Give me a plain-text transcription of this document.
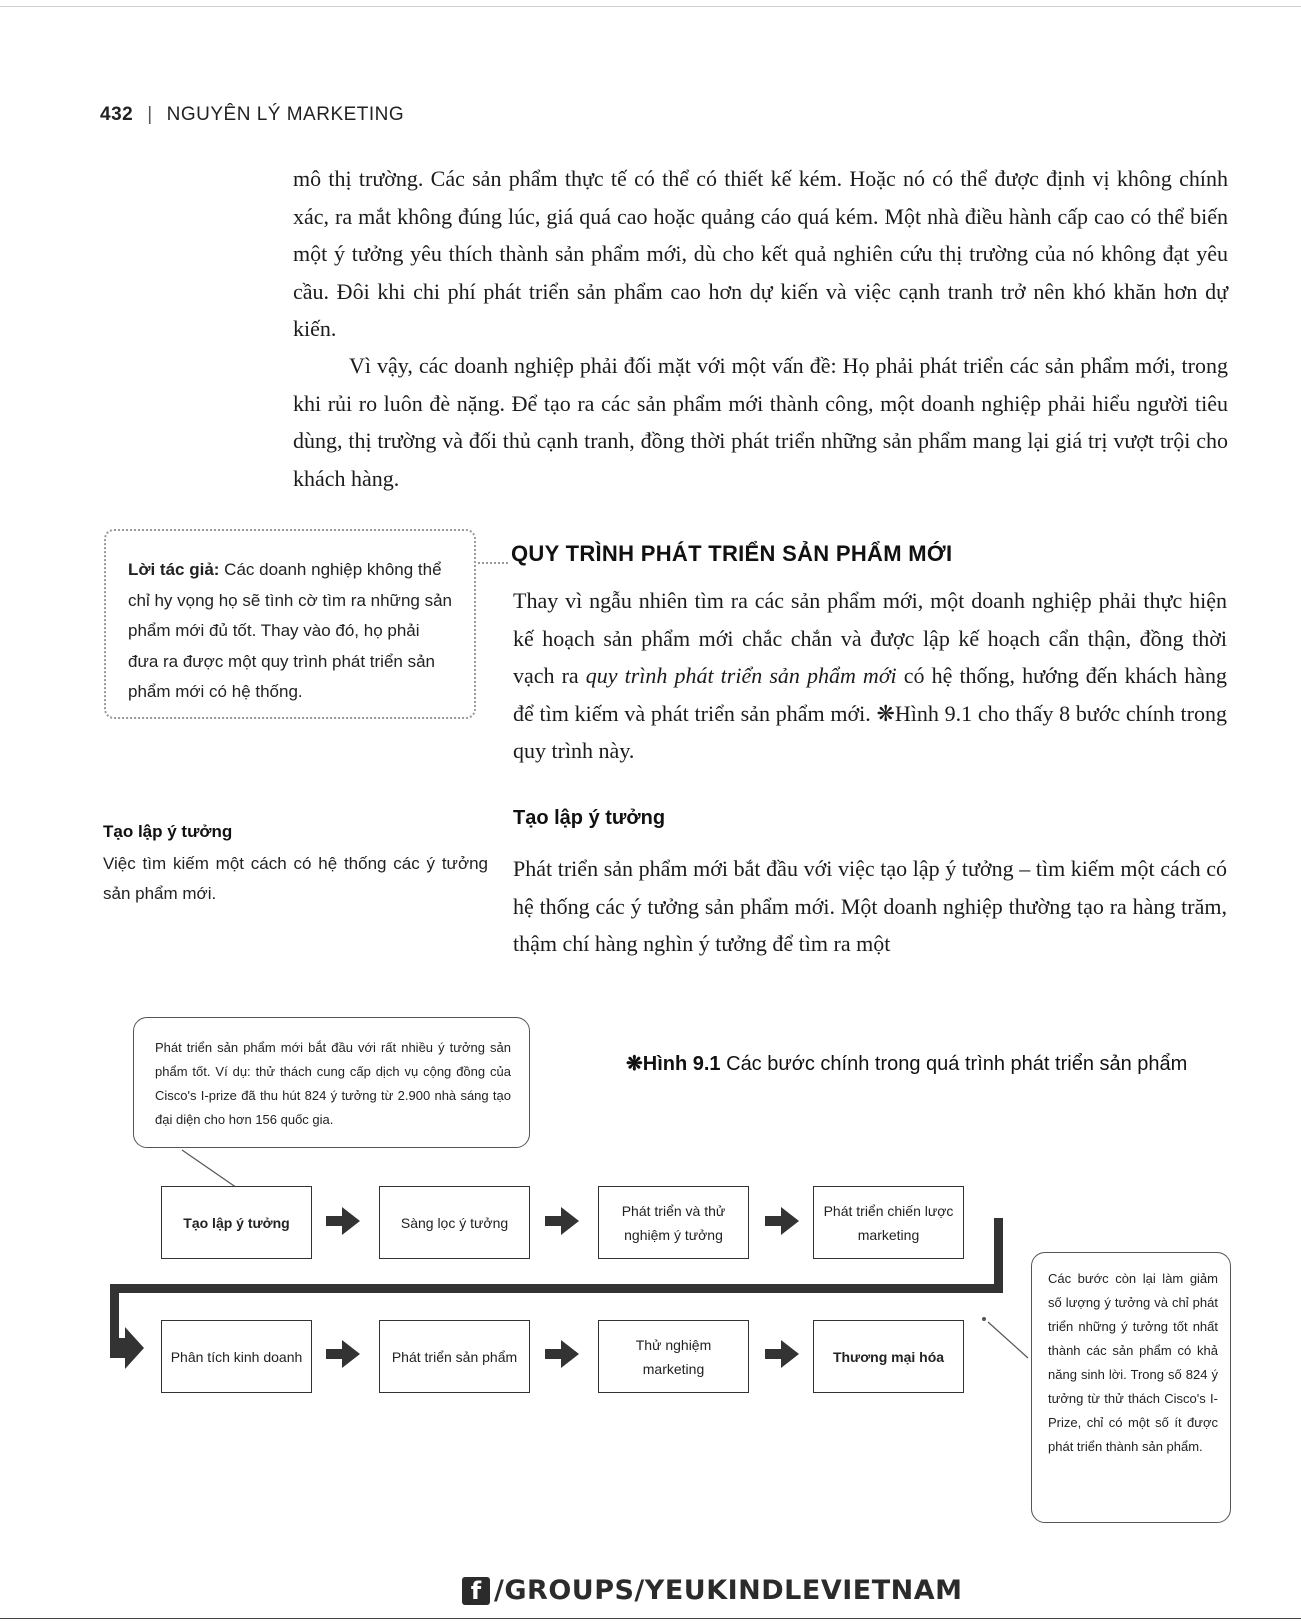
432 | NGUYÊN LÝ MARKETING
mô thị trường. Các sản phẩm thực tế có thể có thiết kế kém. Hoặc nó có thể được định vị không chính xác, ra mắt không đúng lúc, giá quá cao hoặc quảng cáo quá kém. Một nhà điều hành cấp cao có thể biến một ý tưởng yêu thích thành sản phẩm mới, dù cho kết quả nghiên cứu thị trường của nó không đạt yêu cầu. Đôi khi chi phí phát triển sản phẩm cao hơn dự kiến và việc cạnh tranh trở nên khó khăn hơn dự kiến.
Vì vậy, các doanh nghiệp phải đối mặt với một vấn đề: Họ phải phát triển các sản phẩm mới, trong khi rủi ro luôn đè nặng. Để tạo ra các sản phẩm mới thành công, một doanh nghiệp phải hiểu người tiêu dùng, thị trường và đối thủ cạnh tranh, đồng thời phát triển những sản phẩm mang lại giá trị vượt trội cho khách hàng.
Lời tác giả: Các doanh nghiệp không thể chỉ hy vọng họ sẽ tình cờ tìm ra những sản phẩm mới đủ tốt. Thay vào đó, họ phải đưa ra được một quy trình phát triển sản phẩm mới có hệ thống.
QUY TRÌNH PHÁT TRIỂN SẢN PHẨM MỚI
Thay vì ngẫu nhiên tìm ra các sản phẩm mới, một doanh nghiệp phải thực hiện kế hoạch sản phẩm mới chắc chắn và được lập kế hoạch cẩn thận, đồng thời vạch ra quy trình phát triển sản phẩm mới có hệ thống, hướng đến khách hàng để tìm kiếm và phát triển sản phẩm mới. ❋Hình 9.1 cho thấy 8 bước chính trong quy trình này.
Tạo lập ý tưởng
Việc tìm kiếm một cách có hệ thống các ý tưởng sản phẩm mới.
Tạo lập ý tưởng
Phát triển sản phẩm mới bắt đầu với việc tạo lập ý tưởng – tìm kiếm một cách có hệ thống các ý tưởng sản phẩm mới. Một doanh nghiệp thường tạo ra hàng trăm, thậm chí hàng nghìn ý tưởng để tìm ra một
Phát triển sản phẩm mới bắt đầu với rất nhiều ý tưởng sản phẩm tốt. Ví dụ: thử thách cung cấp dịch vụ cộng đồng của Cisco's I-prize đã thu hút 824 ý tưởng từ 2.900 nhà sáng tạo đại diện cho hơn 156 quốc gia.
❋Hình 9.1 Các bước chính trong quá trình phát triển sản phẩm
Tạo lập ý tưởng	Sàng lọc ý tưởng
Phát triển và thử nghiệm ý tưởng
Phát triển chiến lược marketing
Phân tích kinh doanh	Phát triển sản phẩm
Thử nghiệm marketing
Thương mại hóa
Các bước còn lại làm giảm số lượng ý tưởng và chỉ phát triển những ý tưởng tốt nhất thành các sản phẩm có khả năng sinh lời. Trong số 824 ý tưởng từ thử thách Cisco's I-Prize, chỉ có một số ít được phát triển thành sản phẩm.
f /GROUPS/YEUKINDLEVIETNAM
